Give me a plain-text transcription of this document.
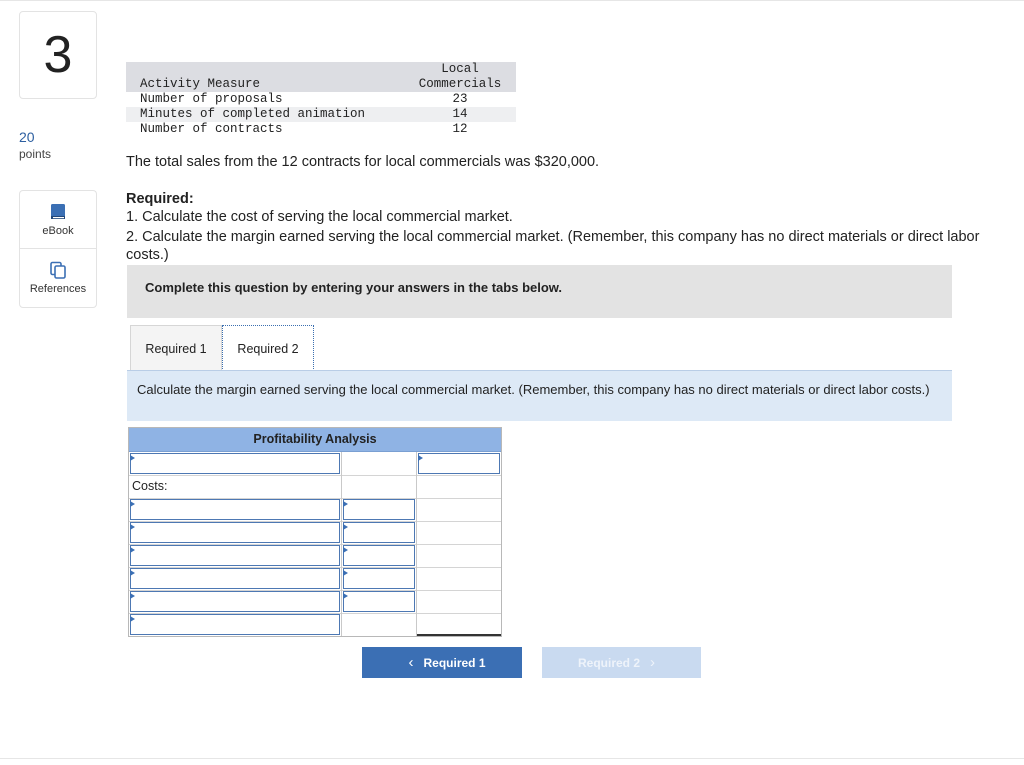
3
20
points
eBook
References
	Local
Activity Measure	Commercials
Number of proposals	23
Minutes of completed animation	14
Number of contracts	12
The total sales from the 12 contracts for local commercials was $320,000.
Required:
1. Calculate the cost of serving the local commercial market.
2. Calculate the margin earned serving the local commercial market. (Remember, this company has no direct materials or direct labor costs.)
Complete this question by entering your answers in the tabs below.
Required 1	Required 2
Calculate the margin earned serving the local commercial market. (Remember, this company has no direct materials or direct labor costs.)
Profitability Analysis
Costs:
‹ Required 1	Required 2 ›
